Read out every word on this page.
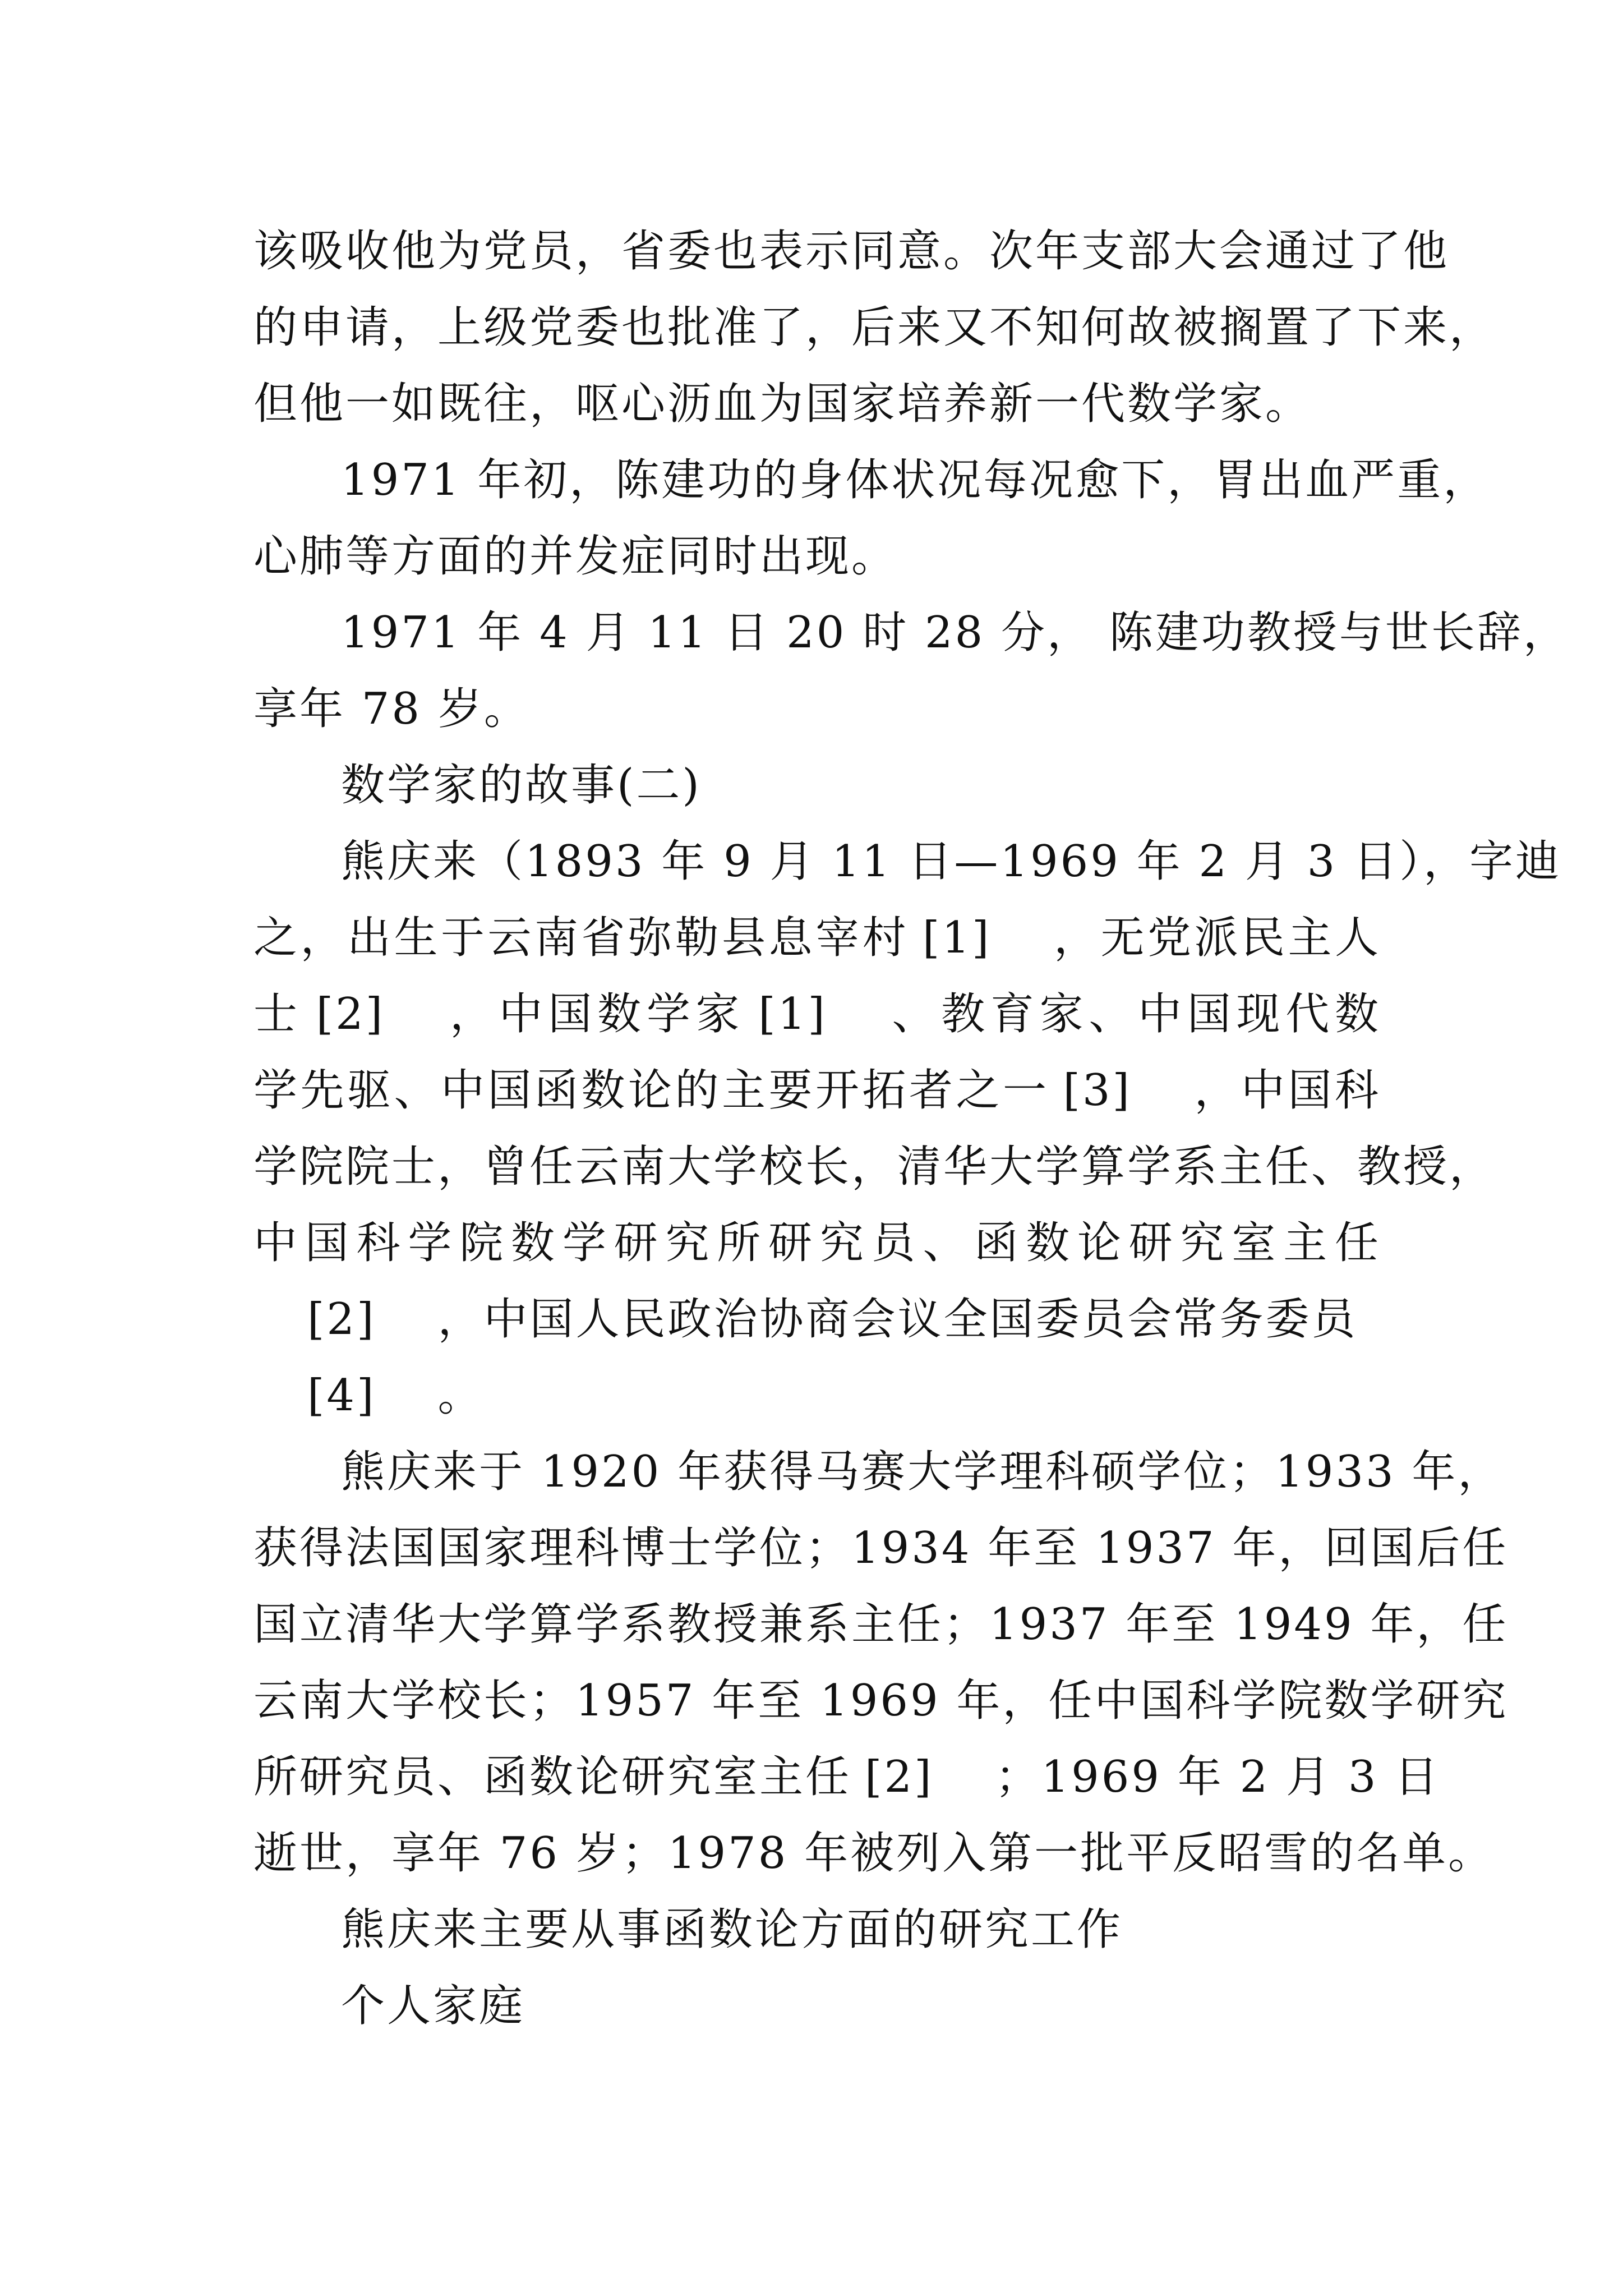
该吸收他为党员，省委也表示同意。次年支部大会通过了他
的申请，上级党委也批准了，后来又不知何故被搁置了下来，
但他一如既往，呕心沥血为国家培养新一代数学家。
1971 年初，陈建功的身体状况每况愈下，胃出血严重，
心肺等方面的并发症同时出现。
1971 年 4 月 11 日 20 时 28 分， 陈建功教授与世长辞，
享年 78 岁。
数学家的故事(二)
熊庆来（1893 年 9 月 11 日—1969 年 2 月 3 日），字迪
之，出生于云南省弥勒县息宰村 [1] ，无党派民主人
士 [2] ，中国数学家 [1] 、教育家、中国现代数
学先驱、中国函数论的主要开拓者之一 [3] ，中国科
学院院士，曾任云南大学校长，清华大学算学系主任、教授，
中国科学院数学研究所研究员、函数论研究室主任
[2] ，中国人民政治协商会议全国委员会常务委员
[4] 。
熊庆来于 1920 年获得马赛大学理科硕学位；1933 年，
获得法国国家理科博士学位；1934 年至 1937 年，回国后任
国立清华大学算学系教授兼系主任；1937 年至 1949 年，任
云南大学校长；1957 年至 1969 年，任中国科学院数学研究
所研究员、函数论研究室主任 [2] ；1969 年 2 月 3 日
逝世，享年 76 岁；1978 年被列入第一批平反昭雪的名单。
熊庆来主要从事函数论方面的研究工作
个人家庭
